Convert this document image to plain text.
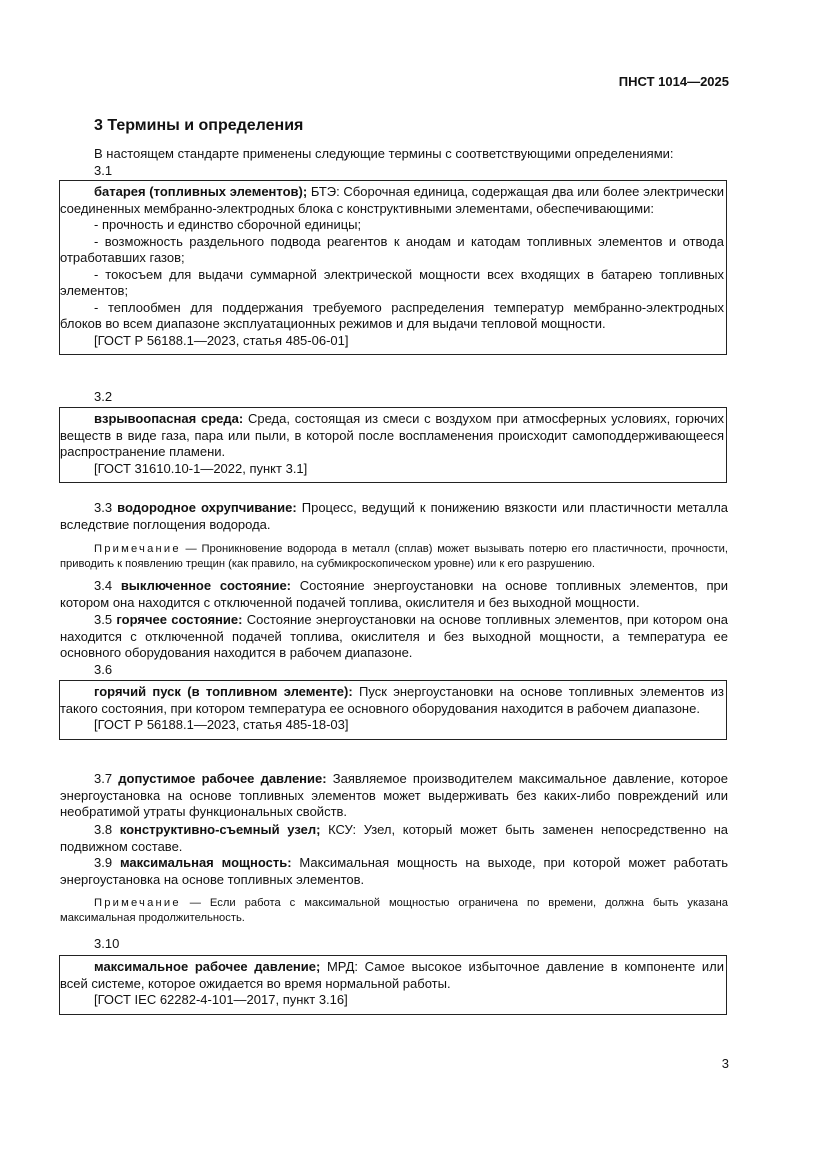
ПНСТ 1014—2025
3 Термины и определения

В настоящем стандарте применены следующие термины с соответствующими определениями:

3.1

батарея (топливных элементов); БТЭ: Сборочная единица, содержащая два или более электрически соединенных мембранно-электродных блока с конструктивными элементами, обеспечивающими:

- прочность и единство сборочной единицы;

- возможность раздельного подвода реагентов к анодам и катодам топливных элементов и отвода отработавших газов;

- токосъем для выдачи суммарной электрической мощности всех входящих в батарею топливных элементов;

- теплообмен для поддержания требуемого распределения температур мембранно-электродных блоков во всем диапазоне эксплуатационных режимов и для выдачи тепловой мощности.

[ГОСТ Р 56188.1—2023, статья 485-06-01]

3.2

взрывоопасная среда: Среда, состоящая из смеси с воздухом при атмосферных условиях, горючих веществ в виде газа, пара или пыли, в которой после воспламенения происходит самоподдерживающееся распространение пламени.

[ГОСТ 31610.10-1—2022, пункт 3.1]

3.3 водородное охрупчивание: Процесс, ведущий к понижению вязкости или пластичности металла вследствие поглощения водорода.

Примечание — Проникновение водорода в металл (сплав) может вызывать потерю его пластичности, прочности, приводить к появлению трещин (как правило, на субмикроскопическом уровне) или к его разрушению.

3.4 выключенное состояние: Состояние энергоустановки на основе топливных элементов, при котором она находится с отключенной подачей топлива, окислителя и без выходной мощности.

3.5 горячее состояние: Состояние энергоустановки на основе топливных элементов, при котором она находится с отключенной подачей топлива, окислителя и без выходной мощности, а температура ее основного оборудования находится в рабочем диапазоне.

3.6

горячий пуск (в топливном элементе): Пуск энергоустановки на основе топливных элементов из такого состояния, при котором температура ее основного оборудования находится в рабочем диапазоне.

[ГОСТ Р 56188.1—2023, статья 485-18-03]

3.7 допустимое рабочее давление: Заявляемое производителем максимальное давление, которое энергоустановка на основе топливных элементов может выдерживать без каких-либо повреждений или необратимой утраты функциональных свойств.

3.8 конструктивно-съемный узел; КСУ: Узел, который может быть заменен непосредственно на подвижном составе.

3.9 максимальная мощность: Максимальная мощность на выходе, при которой может работать энергоустановка на основе топливных элементов.

Примечание — Если работа с максимальной мощностью ограничена по времени, должна быть указана максимальная продолжительность.

3.10

максимальное рабочее давление; МРД: Самое высокое избыточное давление в компоненте или всей системе, которое ожидается во время нормальной работы.

[ГОСТ IEC 62282-4-101—2017, пункт 3.16]

3
